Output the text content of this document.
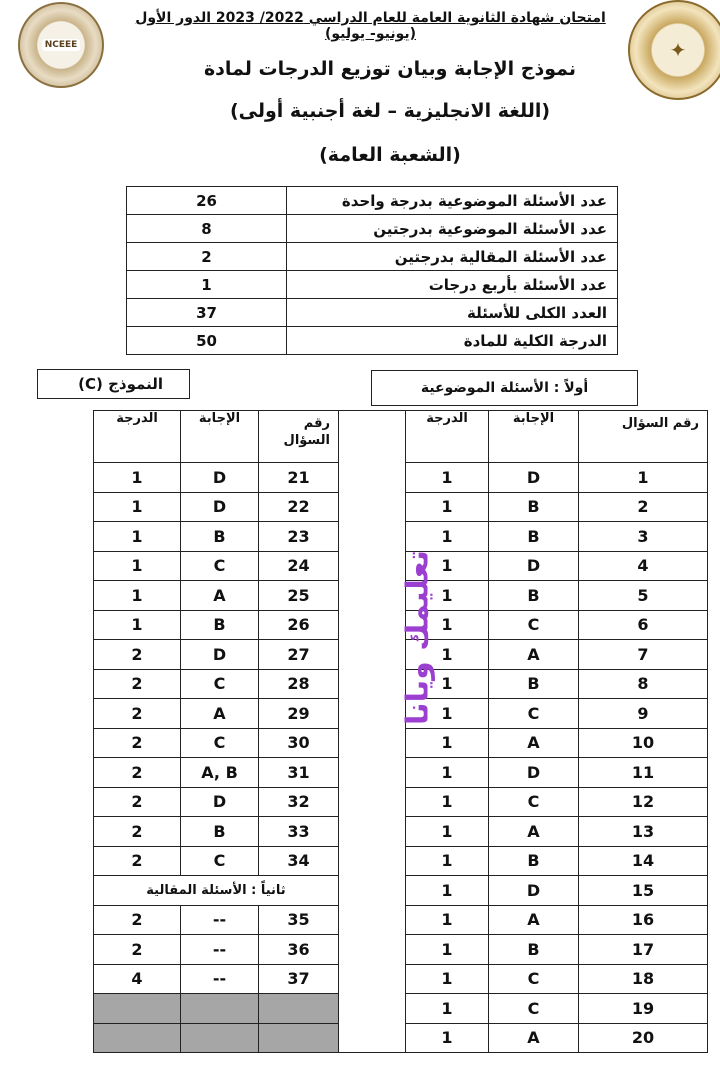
NCEEE	✦
امتحان شهادة الثانوية العامة للعام الدراسي 2022/ 2023 الدور الأول (يونيو- يوليو)
نموذج الإجابة وبيان توزيع الدرجات لمادة
(اللغة الانجليزية – لغة أجنبية أولى)
(الشعبة العامة)
عدد الأسئلة الموضوعية بدرجة واحدة	26
عدد الأسئلة الموضوعية بدرجتين	8
عدد الأسئلة المقالية بدرجتين	2
عدد الأسئلة بأربع درجات	1
العدد الكلى للأسئلة	37
الدرجة الكلية للمادة	50
النموذج (C)	أولاً : الأسئلة الموضوعية
الدرجة	الإجابة	رقم السؤال		الدرجة	الإجابة	رقم السؤال

1	D	21		1	D	1
1	D	22		1	B	2
1	B	23		1	B	3
1	C	24		1	D	4
1	A	25		1	B	5
1	B	26		1	C	6
2	D	27		1	A	7
2	C	28		1	B	8
2	A	29		1	C	9
2	C	30		1	A	10
2	A, B	31		1	D	11
2	D	32		1	C	12
2	B	33		1	A	13
2	C	34		1	B	14
ثانياً : الأسئلة المقالية				1	D	15
2	--	35		1	A	16
2	--	36		1	B	17
4	--	37		1	C	18
				1	C	19
				1	A	20
تعليمك ويانا
